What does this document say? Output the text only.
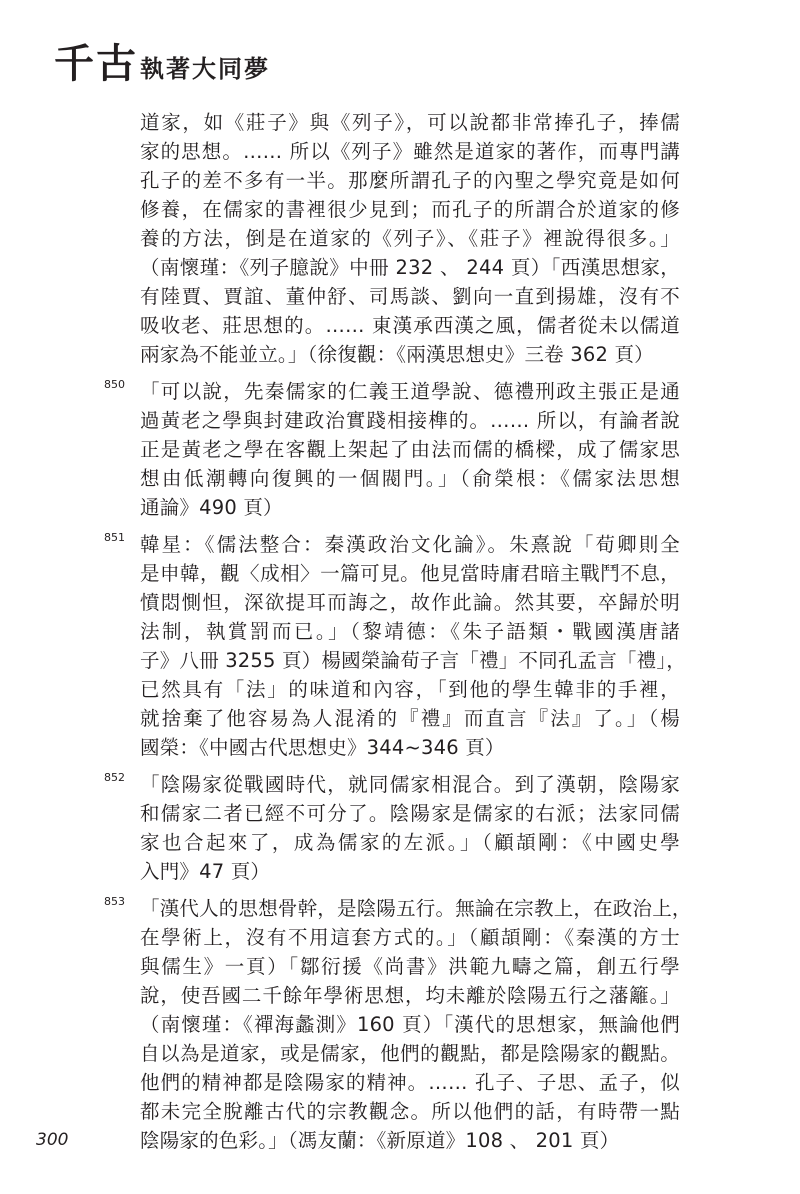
千古 執著大同夢
道家，如《莊子》與《列子》，可以說都非常捧孔子，捧儒
家的思想。…… 所以《列子》雖然是道家的著作，而專門講
孔子的差不多有一半。那麼所謂孔子的內聖之學究竟是如何
修養，在儒家的書裡很少見到；而孔子的所謂合於道家的修
養的方法，倒是在道家的《列子》、《莊子》裡說得很多。」
（南懷瑾：《列子臆說》中冊 232 、 244 頁）「西漢思想家，
有陸賈、賈誼、董仲舒、司馬談、劉向一直到揚雄，沒有不
吸收老、莊思想的。…… 東漢承西漢之風，儒者從未以儒道
兩家為不能並立。」（徐復觀：《兩漢思想史》三卷 362 頁）
850 「可以說，先秦儒家的仁義王道學說、德禮刑政主張正是通
過黃老之學與封建政治實踐相接榫的。…… 所以，有論者說
正是黃老之學在客觀上架起了由法而儒的橋樑，成了儒家思
想由低潮轉向復興的一個閥門。」（俞榮根：《儒家法思想
通論》490 頁）
851 韓星：《儒法整合：秦漢政治文化論》。朱熹說「荀卿則全
是申韓，觀〈成相〉一篇可見。他見當時庸君暗主戰鬥不息，
憤悶惻怛，深欲提耳而誨之，故作此論。然其要，卒歸於明
法制，執賞罰而已。」（黎靖德：《朱子語類・戰國漢唐諸
子》八冊 3255 頁）楊國榮論荀子言「禮」不同孔孟言「禮」，
已然具有「法」的味道和內容，「到他的學生韓非的手裡，
就捨棄了他容易為人混淆的『禮』而直言『法』了。」（楊
國榮：《中國古代思想史》344~346 頁）
852 「陰陽家從戰國時代，就同儒家相混合。到了漢朝，陰陽家
和儒家二者已經不可分了。陰陽家是儒家的右派；法家同儒
家也合起來了，成為儒家的左派。」（顧頡剛：《中國史學
入門》47 頁）
853 「漢代人的思想骨幹，是陰陽五行。無論在宗教上，在政治上，
在學術上，沒有不用這套方式的。」（顧頡剛：《秦漢的方士
與儒生》一頁）「鄒衍援《尚書》洪範九疇之篇，創五行學
說，使吾國二千餘年學術思想，均未離於陰陽五行之藩籬。」
（南懷瑾：《禪海蠡測》160 頁）「漢代的思想家，無論他們
自以為是道家，或是儒家，他們的觀點，都是陰陽家的觀點。
他們的精神都是陰陽家的精神。…… 孔子、子思、孟子，似
都未完全脫離古代的宗教觀念。所以他們的話，有時帶一點
陰陽家的色彩。」（馮友蘭：《新原道》108 、 201 頁）
300
